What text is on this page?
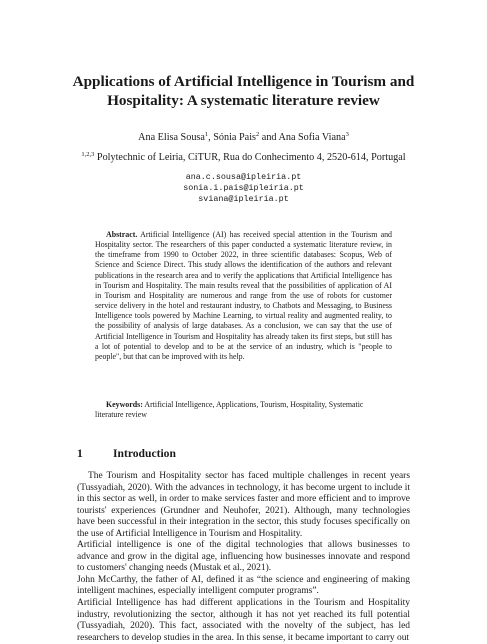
Applications of Artificial Intelligence in Tourism and Hospitality: A systematic literature review
Ana Elisa Sousa$^1$, Sónia Pais$^2$ and Ana Sofia Viana$^3$
$^{1,2,3}$ Polytechnic of Leiria, CiTUR, Rua do Conhecimento 4, 2520-614, Portugal
ana.c.sousa@ipleiria.pt
sonia.i.pais@ipleiria.pt
sviana@ipleiria.pt

Abstract. Artificial Intelligence (AI) has received special attention in the Tourism and Hospitality sector. The researchers of this paper conducted a systematic literature review, in the timeframe from 1990 to October 2022, in three scientific databases: Scopus, Web of Science and Science Direct. This study allows the identification of the authors and relevant publications in the research area and to verify the applications that Artificial Intelligence has in Tourism and Hospitality. The main results reveal that the possibilities of application of AI in Tourism and Hospitality are numerous and range from the use of robots for customer service delivery in the hotel and restaurant industry, to Chatbots and Messaging, to Business Intelligence tools powered by Machine Learning, to virtual reality and augmented reality, to the possibility of analysis of large databases. As a conclusion, we can say that the use of Artificial Intelligence in Tourism and Hospitality has already taken its first steps, but still has a lot of potential to develop and to be at the service of an industry, which is "people to people", but that can be improved with its help.

Keywords: Artificial Intelligence, Applications, Tourism, Hospitality, Systematic literature review

1	Introduction

The Tourism and Hospitality sector has faced multiple challenges in recent years (Tussyadiah, 2020). With the advances in technology, it has become urgent to include it in this sector as well, in order to make services faster and more efficient and to improve tourists' experiences (Grundner and Neuhofer, 2021). Although, many technologies have been successful in their integration in the sector, this study focuses specifically on the use of Artificial Intelligence in Tourism and Hospitality.

Artificial intelligence is one of the digital technologies that allows businesses to advance and grow in the digital age, influencing how businesses innovate and respond to customers' changing needs (Mustak et al., 2021).

John McCarthy, the father of AI, defined it as “the science and engineering of making intelligent machines, especially intelligent computer programs”.

Artificial Intelligence has had different applications in the Tourism and Hospitality industry, revolutionizing the sector, although it has not yet reached its full potential (Tussyadiah, 2020). This fact, associated with the novelty of the subject, has led researchers to develop studies in the area. In this sense, it became important to carry out
